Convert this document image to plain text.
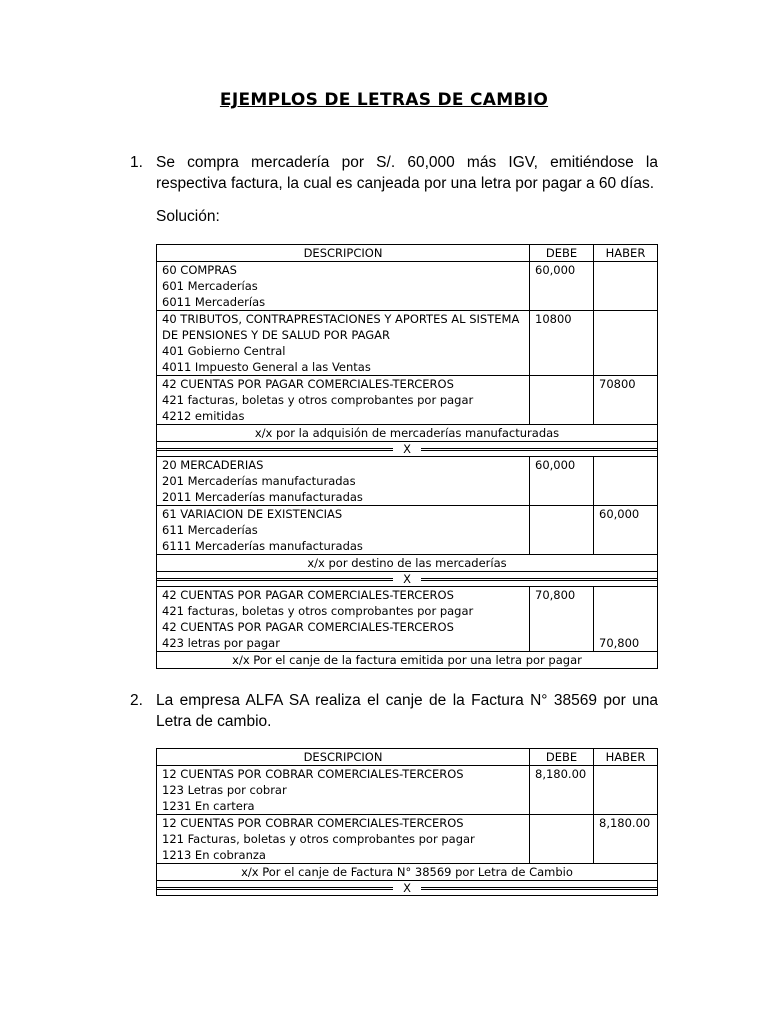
EJEMPLOS DE LETRAS DE CAMBIO
1. Se compra mercadería por S/. 60,000 más IGV, emitiéndose la respectiva factura, la cual es canjeada por una letra por pagar a 60 días.
Solución:
DESCRIPCION	DEBE	HABER

60 COMPRAS
601 Mercaderías
6011 Mercaderías	60,000	

40 TRIBUTOS, CONTRAPRESTACIONES Y APORTES AL SISTEMA
DE PENSIONES Y DE SALUD POR PAGAR
401 Gobierno Central
4011 Impuesto General a las Ventas	10800	

42 CUENTAS POR PAGAR COMERCIALES-TERCEROS
421 facturas, boletas y otros comprobantes por pagar
4212 emitidas		70800
x/x por la adquisión de mercaderías manufacturadas		

X		

20 MERCADERIAS
201 Mercaderías manufacturadas
2011 Mercaderías manufacturadas	60,000	

61 VARIACION DE EXISTENCIAS
611 Mercaderías
6111 Mercaderías manufacturadas		60,000
x/x por destino de las mercaderías		

X		

42 CUENTAS POR PAGAR COMERCIALES-TERCEROS
421 facturas, boletas y otros comprobantes por pagar
42 CUENTAS POR PAGAR COMERCIALES-TERCEROS
423 letras por pagar	70,800	70,800
x/x Por el canje de la factura emitida por una letra por pagar		
2. La empresa ALFA SA realiza el canje de la Factura N° 38569 por una Letra de cambio.
DESCRIPCION	DEBE	HABER

12 CUENTAS POR COBRAR COMERCIALES-TERCEROS
123 Letras por cobrar
1231 En cartera	8,180.00	

12 CUENTAS POR COBRAR COMERCIALES-TERCEROS
121 Facturas, boletas y otros comprobantes por pagar
1213 En cobranza		8,180.00
x/x Por el canje de Factura N° 38569 por Letra de Cambio		

X		
